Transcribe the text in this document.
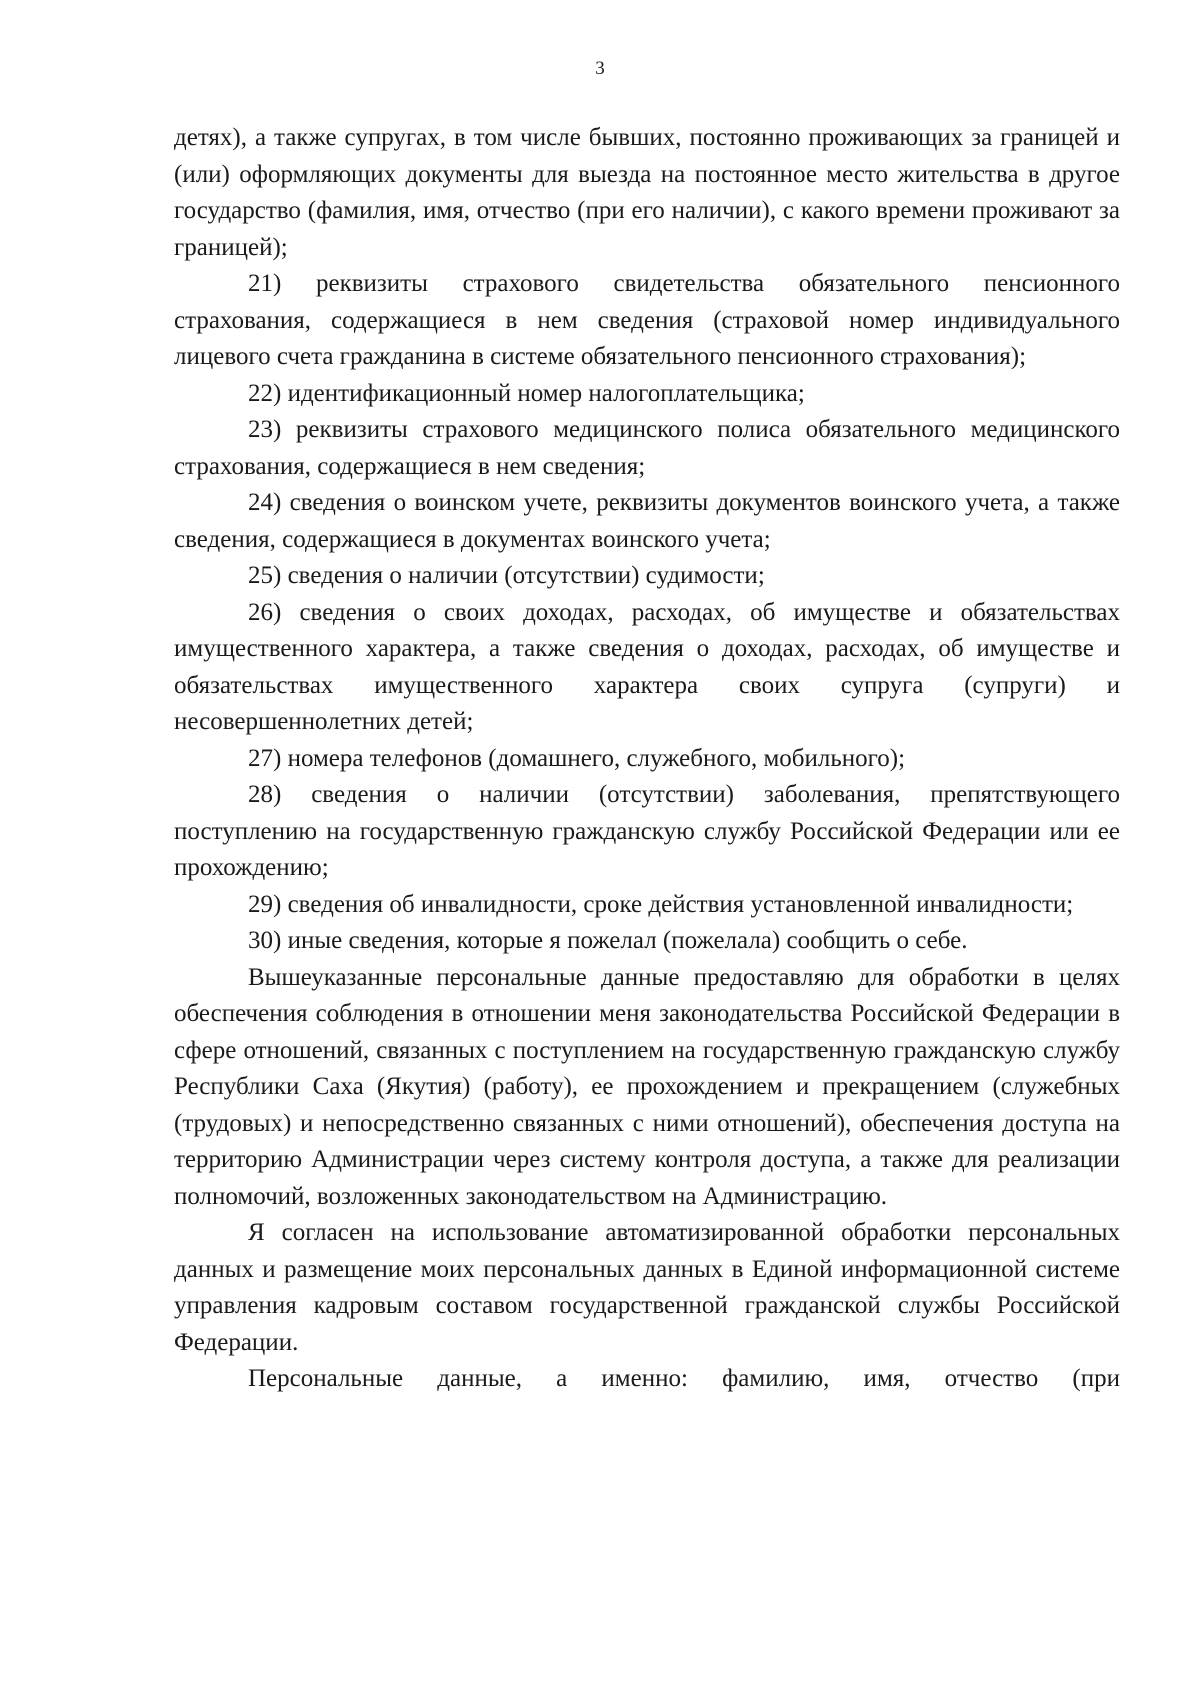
3

детях), а также супругах, в том числе бывших, постоянно проживающих за границей и (или) оформляющих документы для выезда на постоянное место жительства в другое государство (фамилия, имя, отчество (при его наличии), с какого времени проживают за границей);

21) реквизиты страхового свидетельства обязательного пенсионного страхования, содержащиеся в нем сведения (страховой номер индивидуального лицевого счета гражданина в системе обязательного пенсионного страхования);

22) идентификационный номер налогоплательщика;

23) реквизиты страхового медицинского полиса обязательного медицинского страхования, содержащиеся в нем сведения;

24) сведения о воинском учете, реквизиты документов воинского учета, а также сведения, содержащиеся в документах воинского учета;

25) сведения о наличии (отсутствии) судимости;

26) сведения о своих доходах, расходах, об имуществе и обязательствах имущественного характера, а также сведения о доходах, расходах, об имуществе и обязательствах имущественного характера своих супруга (супруги) и несовершеннолетних детей;

27) номера телефонов (домашнего, служебного, мобильного);

28) сведения о наличии (отсутствии) заболевания, препятствующего поступлению на государственную гражданскую службу Российской Федерации или ее прохождению;

29) сведения об инвалидности, сроке действия установленной инвалидности;

30) иные сведения, которые я пожелал (пожелала) сообщить о себе.

Вышеуказанные персональные данные предоставляю для обработки в целях обеспечения соблюдения в отношении меня законодательства Российской Федерации в сфере отношений, связанных с поступлением на государственную гражданскую службу Республики Саха (Якутия) (работу), ее прохождением и прекращением (служебных (трудовых) и непосредственно связанных с ними отношений), обеспечения доступа на территорию Администрации через систему контроля доступа, а также для реализации полномочий, возложенных законодательством на Администрацию.

Я согласен на использование автоматизированной обработки персональных данных и размещение моих персональных данных в Единой информационной системе управления кадровым составом государственной гражданской службы Российской Федерации.

Персональные данные, а именно: фамилию, имя, отчество (при
